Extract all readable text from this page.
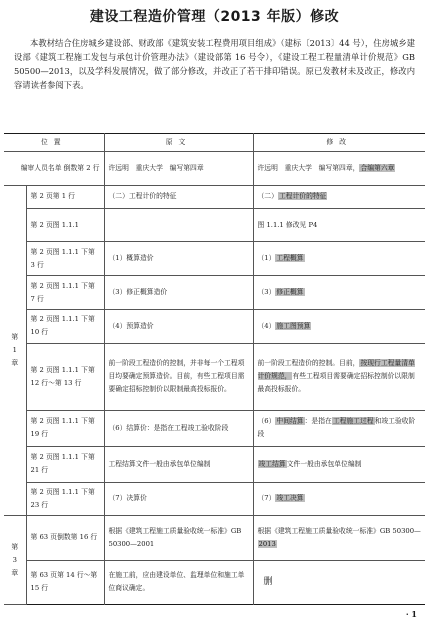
建设工程造价管理（2013 年版）修改

本教材结合住房城乡建设部、财政部《建筑安装工程费用项目组成》（建标〔2013〕44 号），住房城乡建设部《建筑工程施工发包与承包计价管理办法》（建设部第 16 号令），《建设工程工程量清单计价规范》GB 50500—2013，以及学科发展情况，做了部分修改，并改正了若干排印错误。原已发教材未及改正，修改内容请读者参阅下表。

位置		原文	修改
编审人员名单 倒数第 2 行		许远明　重庆大学　编写第四章	许远明　重庆大学　编写第四章，合编第六章

第
1
章	第 2 页第 1 行	（二）工程计价的特征	（二）工程计价的特征
	第 2 页图 1.1.1		图 1.1.1 修改见 P4
	第 2 页图 1.1.1 下第 3 行	（1）概算造价	（1）工程概算
	第 2 页图 1.1.1 下第 7 行	（3）修正概算造价	（3）修正概算
	第 2 页图 1.1.1 下第 10 行	（4）预算造价	（4）施工图预算
	第 2 页图 1.1.1 下第 12 行～第 13 行	前一阶段工程造价的控制，并非每一个工程项目均要确定预算造价。目前，有些工程项目需要确定招标控制价以限制最高投标报价。	前一阶段工程造价的控制。目前，按现行工程量清单计价规范，有些工程项目需要确定招标控制价以限制最高投标报价。
	第 2 页图 1.1.1 下第 19 行	（6）结算价：是指在工程竣工验收阶段	（6）中间结算：是指在工程施工过程和竣工验收阶段
	第 2 页图 1.1.1 下第 21 行	工程结算文件一般由承包单位编制	竣工结算文件一般由承包单位编制
	第 2 页图 1.1.1 下第 23 行	（7）决算价	（7）竣工决算

第
3
章	第 63 页倒数第 16 行	根据《建筑工程施工质量验收统一标准》GB 50300—2001	根据《建筑工程施工质量验收统一标准》GB 50300—2013
	第 63 页第 14 行～第 15 行	在施工前，应由建设单位、监理单位和施工单位商议确定。	删
· 1
